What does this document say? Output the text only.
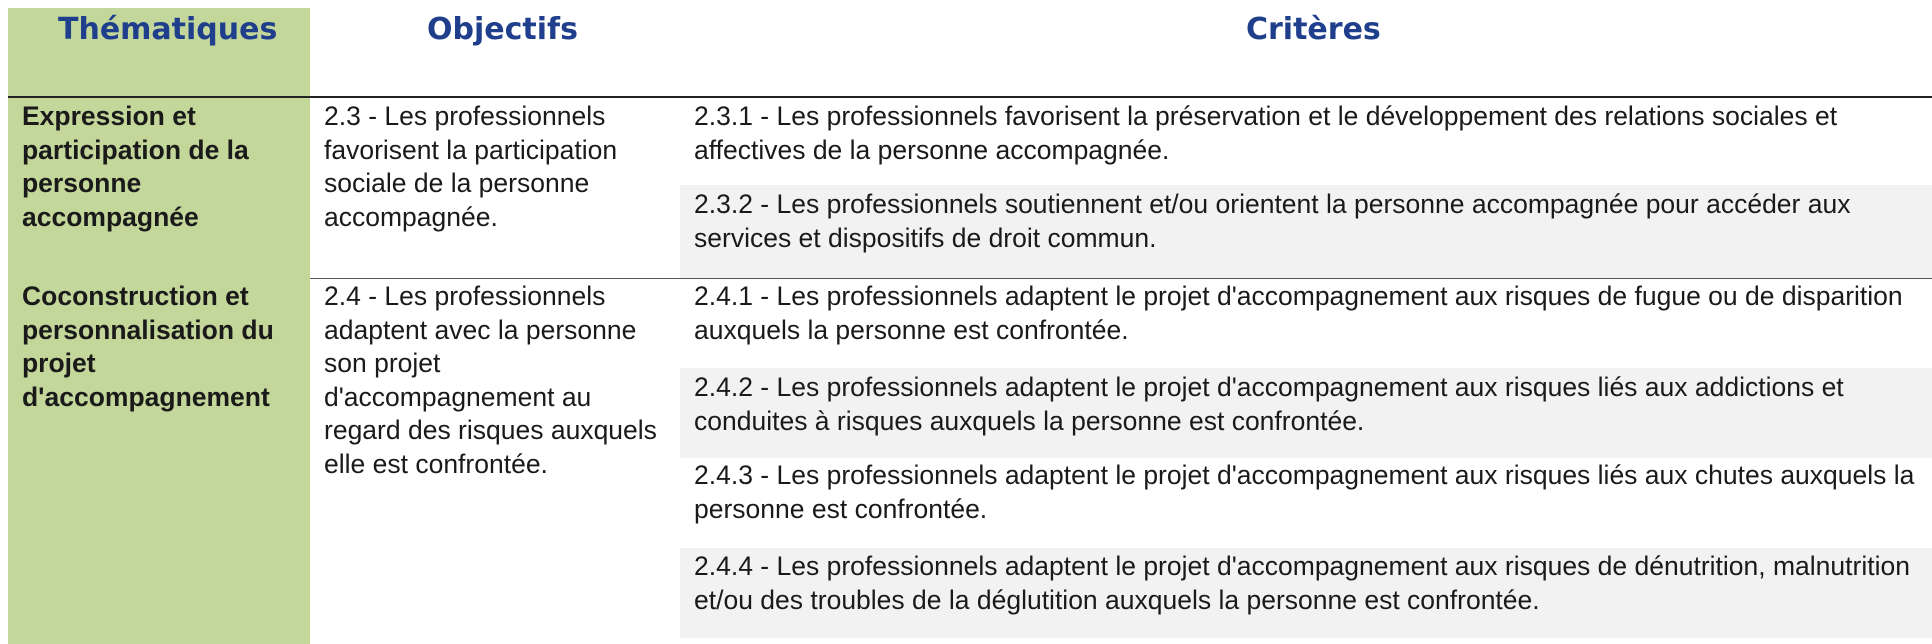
Thématiques	Objectifs	Critères
Expression et participation de la personne accompagnée
2.3 - Les professionnels favorisent la participation sociale de la personne accompagnée.
2.3.1 - Les professionnels favorisent la préservation et le développement des relations sociales et affectives de la personne accompagnée.
2.3.2 - Les professionnels soutiennent et/ou orientent la personne accompagnée pour accéder aux services et dispositifs de droit commun.
Coconstruction et personnalisation du projet d'accompagnement
2.4 - Les professionnels adaptent avec la personne son projet d'accompagnement au regard des risques auxquels elle est confrontée.
2.4.1 - Les professionnels adaptent le projet d'accompagnement aux risques de fugue ou de disparition auxquels la personne est confrontée.
2.4.2 - Les professionnels adaptent le projet d'accompagnement aux risques liés aux addictions et conduites à risques auxquels la personne est confrontée.
2.4.3 - Les professionnels adaptent le projet d'accompagnement aux risques liés aux chutes auxquels la personne est confrontée.
2.4.4 - Les professionnels adaptent le projet d'accompagnement aux risques de dénutrition, malnutrition et/ou des troubles de la déglutition auxquels la personne est confrontée.
